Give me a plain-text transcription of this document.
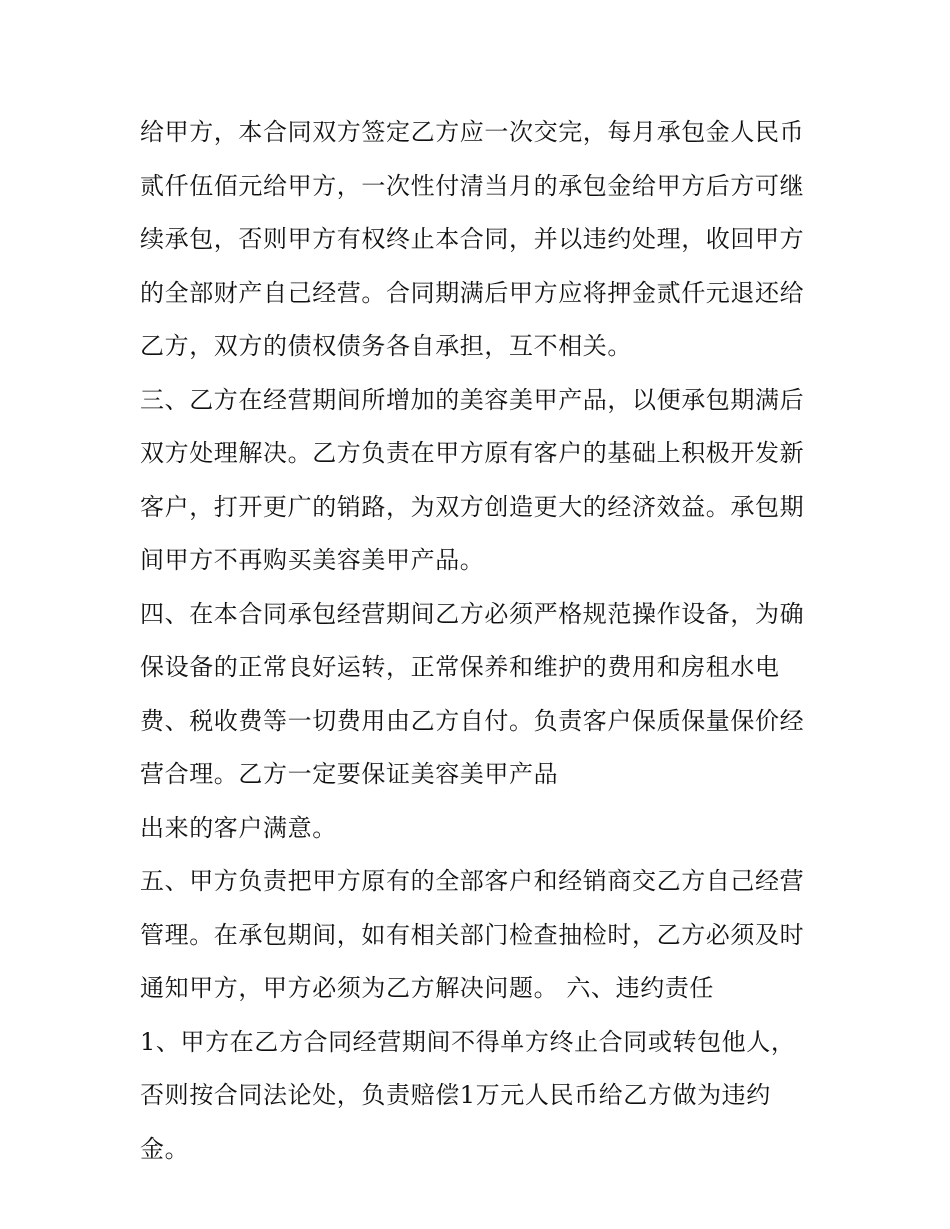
给甲方，本合同双方签定乙方应一次交完，每月承包金人民币
贰仟伍佰元给甲方，一次性付清当月的承包金给甲方后方可继
续承包，否则甲方有权终止本合同，并以违约处理，收回甲方
的全部财产自己经营。合同期满后甲方应将押金贰仟元退还给
乙方，双方的债权债务各自承担，互不相关。
三、乙方在经营期间所增加的美容美甲产品，以便承包期满后
双方处理解决。乙方负责在甲方原有客户的基础上积极开发新
客户，打开更广的销路，为双方创造更大的经济效益。承包期
间甲方不再购买美容美甲产品。
四、在本合同承包经营期间乙方必须严格规范操作设备，为确
保设备的正常良好运转，正常保养和维护的费用和房租水电
费、税收费等一切费用由乙方自付。负责客户保质保量保价经
营合理。乙方一定要保证美容美甲产品
出来的客户满意。
五、甲方负责把甲方原有的全部客户和经销商交乙方自己经营
管理。在承包期间，如有相关部门检查抽检时，乙方必须及时
通知甲方，甲方必须为乙方解决问题。 六、违约责任
1、甲方在乙方合同经营期间不得单方终止合同或转包他人，
否则按合同法论处，负责赔偿1万元人民币给乙方做为违约
金。
